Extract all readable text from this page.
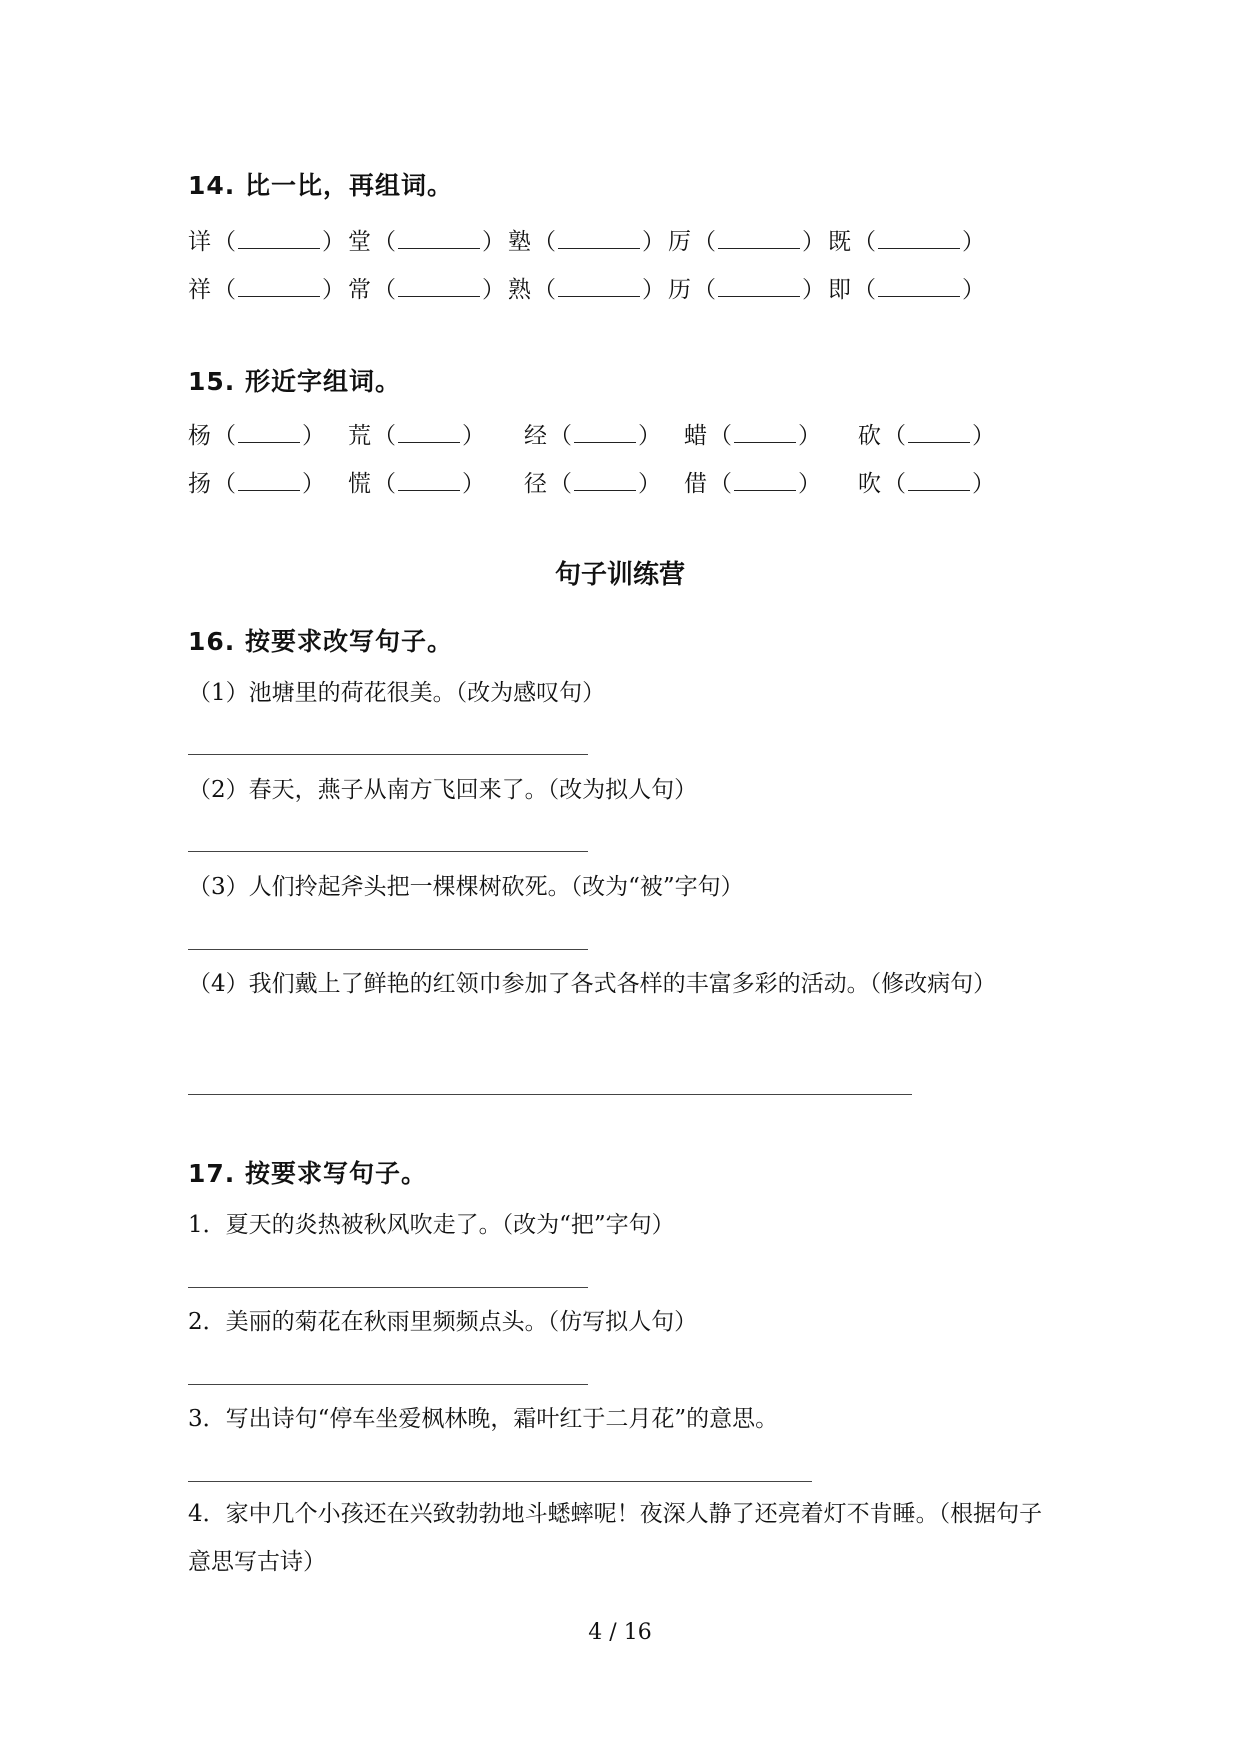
14. 比一比，再组词。
详 （	） 堂 （	） 塾 （	） 厉 （	） 既 （	）
祥 （	） 常 （	） 熟 （	） 历 （	） 即 （	）
15. 形近字组词。
杨 （	） 荒 （	） 经 （	） 蜡 （	） 砍 （	）
扬 （	） 慌 （	） 径 （	） 借 （	） 吹 （	）
句子训练营
16. 按要求改写句子。
（1）池塘里的荷花很美。（改为感叹句）
（2）春天，燕子从南方飞回来了。（改为拟人句）
（3）人们拎起斧头把一棵棵树砍死。（改为“被”字句）
（4）我们戴上了鲜艳的红领巾参加了各式各样的丰富多彩的活动。（修改病句）
17. 按要求写句子。
1．夏天的炎热被秋风吹走了。（改为“把”字句）
2．美丽的菊花在秋雨里频频点头。（仿写拟人句）
3．写出诗句“停车坐爱枫林晚，霜叶红于二月花”的意思。
4．家中几个小孩还在兴致勃勃地斗蟋蟀呢！夜深人静了还亮着灯不肯睡。（根据句子意思写古诗）
4 / 16
